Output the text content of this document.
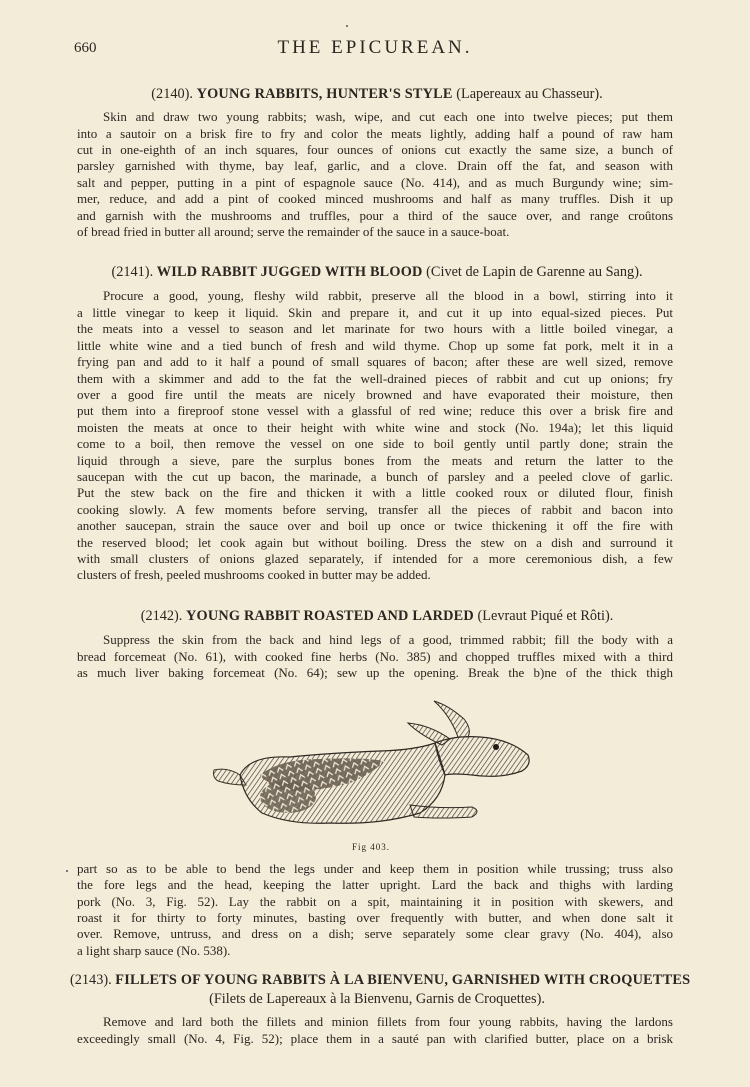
660	THE EPICUREAN.
(2140). YOUNG RABBITS, HUNTER'S STYLE (Lapereaux au Chasseur).
Skin and draw two young rabbits; wash, wipe, and cut each one into twelve pieces; put them
into a sautoir on a brisk fire to fry and color the meats lightly, adding half a pound of raw ham
cut in one-eighth of an inch squares, four ounces of onions cut exactly the same size, a bunch of
parsley garnished with thyme, bay leaf, garlic, and a clove. Drain off the fat, and season with
salt and pepper, putting in a pint of espagnole sauce (No. 414), and as much Burgundy wine; sim-
mer, reduce, and add a pint of cooked minced mushrooms and half as many truffles. Dish it up
and garnish with the mushrooms and truffles, pour a third of the sauce over, and range croûtons
of bread fried in butter all around; serve the remainder of the sauce in a sauce-boat.
(2141). WILD RABBIT JUGGED WITH BLOOD (Civet de Lapin de Garenne au Sang).
Procure a good, young, fleshy wild rabbit, preserve all the blood in a bowl, stirring into it
a little vinegar to keep it liquid. Skin and prepare it, and cut it up into equal-sized pieces. Put
the meats into a vessel to season and let marinate for two hours with a little boiled vinegar, a
little white wine and a tied bunch of fresh and wild thyme. Chop up some fat pork, melt it in a
frying pan and add to it half a pound of small squares of bacon; after these are well sized, remove
them with a skimmer and add to the fat the well-drained pieces of rabbit and cut up onions; fry
over a good fire until the meats are nicely browned and have evaporated their moisture, then
put them into a fireproof stone vessel with a glassful of red wine; reduce this over a brisk fire and
moisten the meats at once to their height with white wine and stock (No. 194a); let this liquid
come to a boil, then remove the vessel on one side to boil gently until partly done; strain the
liquid through a sieve, pare the surplus bones from the meats and return the latter to the
saucepan with the cut up bacon, the marinade, a bunch of parsley and a peeled clove of garlic.
Put the stew back on the fire and thicken it with a little cooked roux or diluted flour, finish
cooking slowly. A few moments before serving, transfer all the pieces of rabbit and bacon into
another saucepan, strain the sauce over and boil up once or twice thickening it off the fire with
the reserved blood; let cook again but without boiling. Dress the stew on a dish and surround it
with small clusters of onions glazed separately, if intended for a more ceremonious dish, a few
clusters of fresh, peeled mushrooms cooked in butter may be added.
(2142). YOUNG RABBIT ROASTED AND LARDED (Levraut Piqué et Rôti).
Suppress the skin from the back and hind legs of a good, trimmed rabbit; fill the body with a
bread forcemeat (No. 61), with cooked fine herbs (No. 385) and chopped truffles mixed with a third
as much liver baking forcemeat (No. 64); sew up the opening. Break the b)ne of the thick thigh
Fig 403.
part so as to be able to bend the legs under and keep them in position while trussing; truss also
the fore legs and the head, keeping the latter upright. Lard the back and thighs with larding
pork (No. 3, Fig. 52). Lay the rabbit on a spit, maintaining it in position with skewers, and
roast it for thirty to forty minutes, basting over frequently with butter, and when done salt it
over. Remove, untruss, and dress on a dish; serve separately some clear gravy (No. 404), also
a light sharp sauce (No. 538).
(2143). FILLETS OF YOUNG RABBITS À LA BIENVENU, GARNISHED WITH CROQUETTES
(Filets de Lapereaux à la Bienvenu, Garnis de Croquettes).
Remove and lard both the fillets and minion fillets from four young rabbits, having the lardons
exceedingly small (No. 4, Fig. 52); place them in a sauté pan with clarified butter, place on a brisk
